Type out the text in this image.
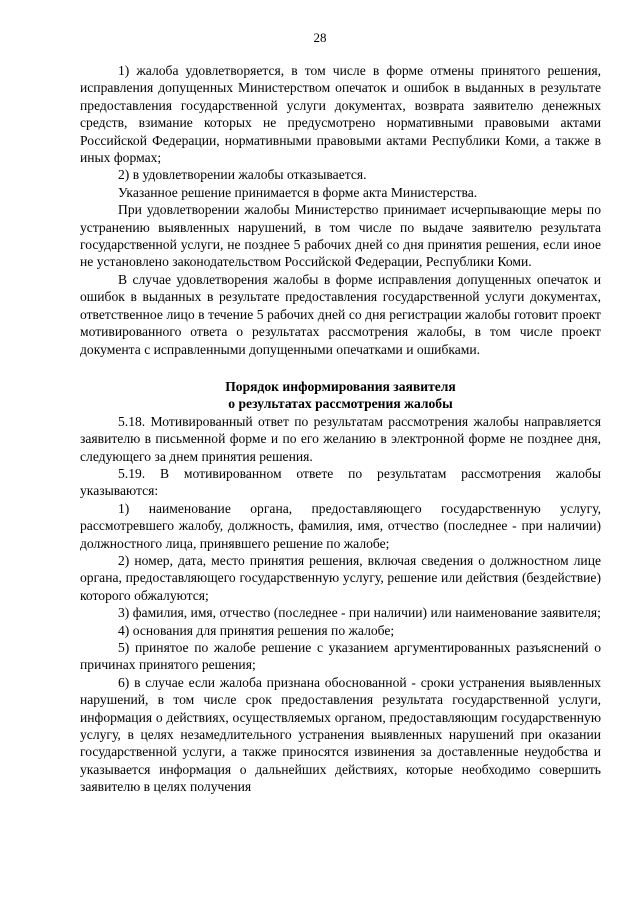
28

1) жалоба удовлетворяется, в том числе в форме отмены принятого решения, исправления допущенных Министерством опечаток и ошибок в выданных в результате предоставления государственной услуги документах, возврата заявителю денежных средств, взимание которых не предусмотрено нормативными правовыми актами Российской Федерации, нормативными правовыми актами Республики Коми, а также в иных формах;

2) в удовлетворении жалобы отказывается.

Указанное решение принимается в форме акта Министерства.

При удовлетворении жалобы Министерство принимает исчерпывающие меры по устранению выявленных нарушений, в том числе по выдаче заявителю результата государственной услуги, не позднее 5 рабочих дней со дня принятия решения, если иное не установлено законодательством Российской Федерации, Республики Коми.

В случае удовлетворения жалобы в форме исправления допущенных опечаток и ошибок в выданных в результате предоставления государственной услуги документах, ответственное лицо в течение 5 рабочих дней со дня регистрации жалобы готовит проект мотивированного ответа о результатах рассмотрения жалобы, в том числе проект документа с исправленными допущенными опечатками и ошибками.

Порядок информирования заявителя
о результатах рассмотрения жалобы

5.18. Мотивированный ответ по результатам рассмотрения жалобы направляется заявителю в письменной форме и по его желанию в электронной форме не позднее дня, следующего за днем принятия решения.

5.19. В мотивированном ответе по результатам рассмотрения жалобы указываются:

1) наименование органа, предоставляющего государственную услугу, рассмотревшего жалобу, должность, фамилия, имя, отчество (последнее - при наличии) должностного лица, принявшего решение по жалобе;

2) номер, дата, место принятия решения, включая сведения о должностном лице органа, предоставляющего государственную услугу, решение или действия (бездействие) которого обжалуются;

3) фамилия, имя, отчество (последнее - при наличии) или наименование заявителя;

4) основания для принятия решения по жалобе;

5) принятое по жалобе решение с указанием аргументированных разъяснений о причинах принятого решения;

6) в случае если жалоба признана обоснованной - сроки устранения выявленных нарушений, в том числе срок предоставления результата государственной услуги, информация о действиях, осуществляемых органом, предоставляющим государственную услугу, в целях незамедлительного устранения выявленных нарушений при оказании государственной услуги, а также приносятся извинения за доставленные неудобства и указывается информация о дальнейших действиях, которые необходимо совершить заявителю в целях получения
